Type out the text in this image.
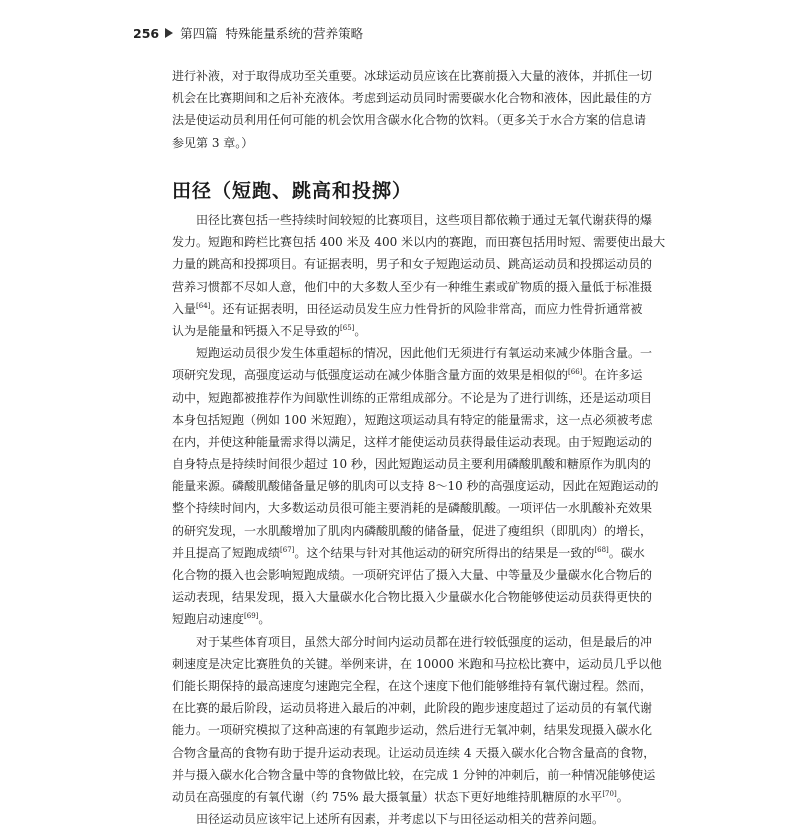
256 第四篇 特殊能量系统的营养策略
进行补液，对于取得成功至关重要。冰球运动员应该在比赛前摄入大量的液体，并抓住一切
机会在比赛期间和之后补充液体。考虑到运动员同时需要碳水化合物和液体，因此最佳的方
法是使运动员利用任何可能的机会饮用含碳水化合物的饮料。（更多关于水合方案的信息请
参见第 3 章。）
田径（短跑、跳高和投掷）
田径比赛包括一些持续时间较短的比赛项目，这些项目都依赖于通过无氧代谢获得的爆
发力。短跑和跨栏比赛包括 400 米及 400 米以内的赛跑，而田赛包括用时短、需要使出最大
力量的跳高和投掷项目。有证据表明，男子和女子短跑运动员、跳高运动员和投掷运动员的
营养习惯都不尽如人意，他们中的大多数人至少有一种维生素或矿物质的摄入量低于标准摄
入量[64]。还有证据表明，田径运动员发生应力性骨折的风险非常高，而应力性骨折通常被
认为是能量和钙摄入不足导致的[65]。
短跑运动员很少发生体重超标的情况，因此他们无须进行有氧运动来减少体脂含量。一
项研究发现，高强度运动与低强度运动在减少体脂含量方面的效果是相似的[66]。在许多运
动中，短跑都被推荐作为间歇性训练的正常组成部分。不论是为了进行训练，还是运动项目
本身包括短跑（例如 100 米短跑），短跑这项运动具有特定的能量需求，这一点必须被考虑
在内，并使这种能量需求得以满足，这样才能使运动员获得最佳运动表现。由于短跑运动的
自身特点是持续时间很少超过 10 秒，因此短跑运动员主要利用磷酸肌酸和糖原作为肌肉的
能量来源。磷酸肌酸储备量足够的肌肉可以支持 8～10 秒的高强度运动，因此在短跑运动的
整个持续时间内，大多数运动员很可能主要消耗的是磷酸肌酸。一项评估一水肌酸补充效果
的研究发现，一水肌酸增加了肌肉内磷酸肌酸的储备量，促进了瘦组织（即肌肉）的增长，
并且提高了短跑成绩[67]。这个结果与针对其他运动的研究所得出的结果是一致的[68]。碳水
化合物的摄入也会影响短跑成绩。一项研究评估了摄入大量、中等量及少量碳水化合物后的
运动表现，结果发现，摄入大量碳水化合物比摄入少量碳水化合物能够使运动员获得更快的
短跑启动速度[69]。
对于某些体育项目，虽然大部分时间内运动员都在进行较低强度的运动，但是最后的冲
刺速度是决定比赛胜负的关键。举例来讲，在 10000 米跑和马拉松比赛中，运动员几乎以他
们能长期保持的最高速度匀速跑完全程，在这个速度下他们能够维持有氧代谢过程。然而，
在比赛的最后阶段，运动员将进入最后的冲刺，此阶段的跑步速度超过了运动员的有氧代谢
能力。一项研究模拟了这种高速的有氧跑步运动，然后进行无氧冲刺，结果发现摄入碳水化
合物含量高的食物有助于提升运动表现。让运动员连续 4 天摄入碳水化合物含量高的食物，
并与摄入碳水化合物含量中等的食物做比较，在完成 1 分钟的冲刺后，前一种情况能够使运
动员在高强度的有氧代谢（约 75% 最大摄氧量）状态下更好地维持肌糖原的水平[70]。
田径运动员应该牢记上述所有因素，并考虑以下与田径运动相关的营养问题。
